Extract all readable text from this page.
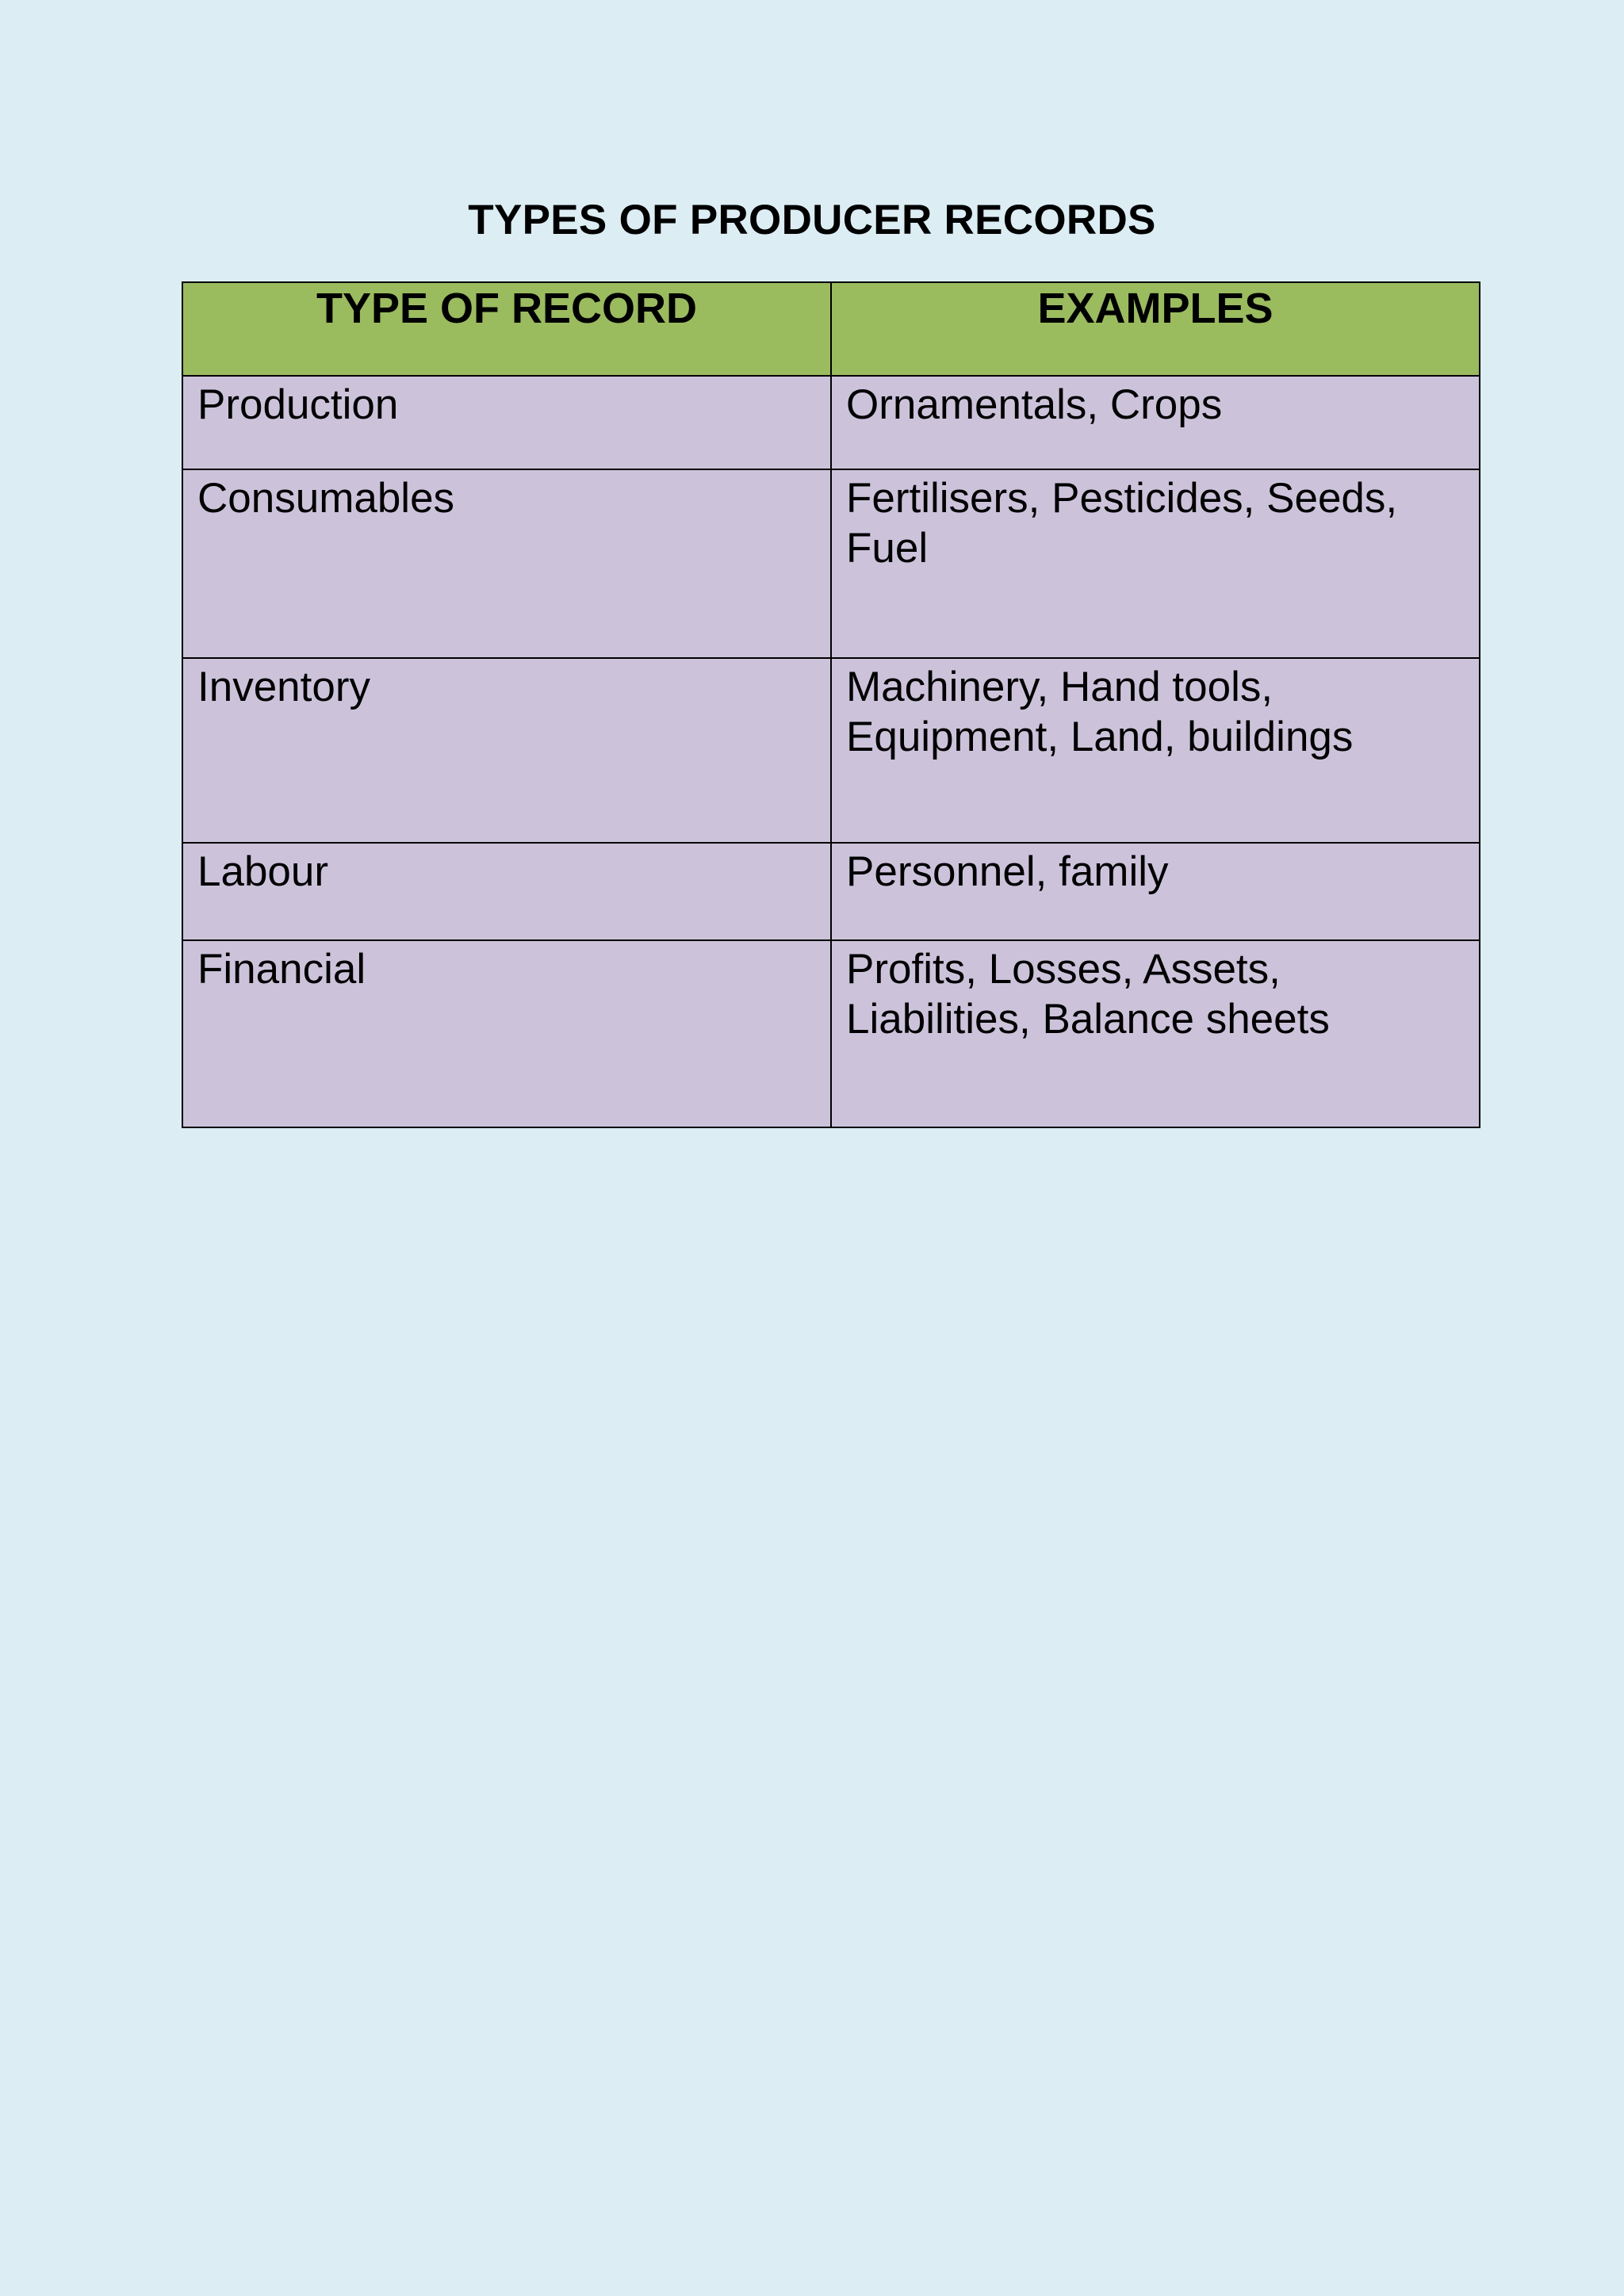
TYPES OF PRODUCER RECORDS
TYPE OF RECORD	EXAMPLES
Production	Ornamentals, Crops
Consumables	Fertilisers, Pesticides, Seeds, Fuel
Inventory	Machinery, Hand tools, Equipment, Land, buildings
Labour	Personnel, family
Financial	Profits, Losses, Assets, Liabilities, Balance sheets
